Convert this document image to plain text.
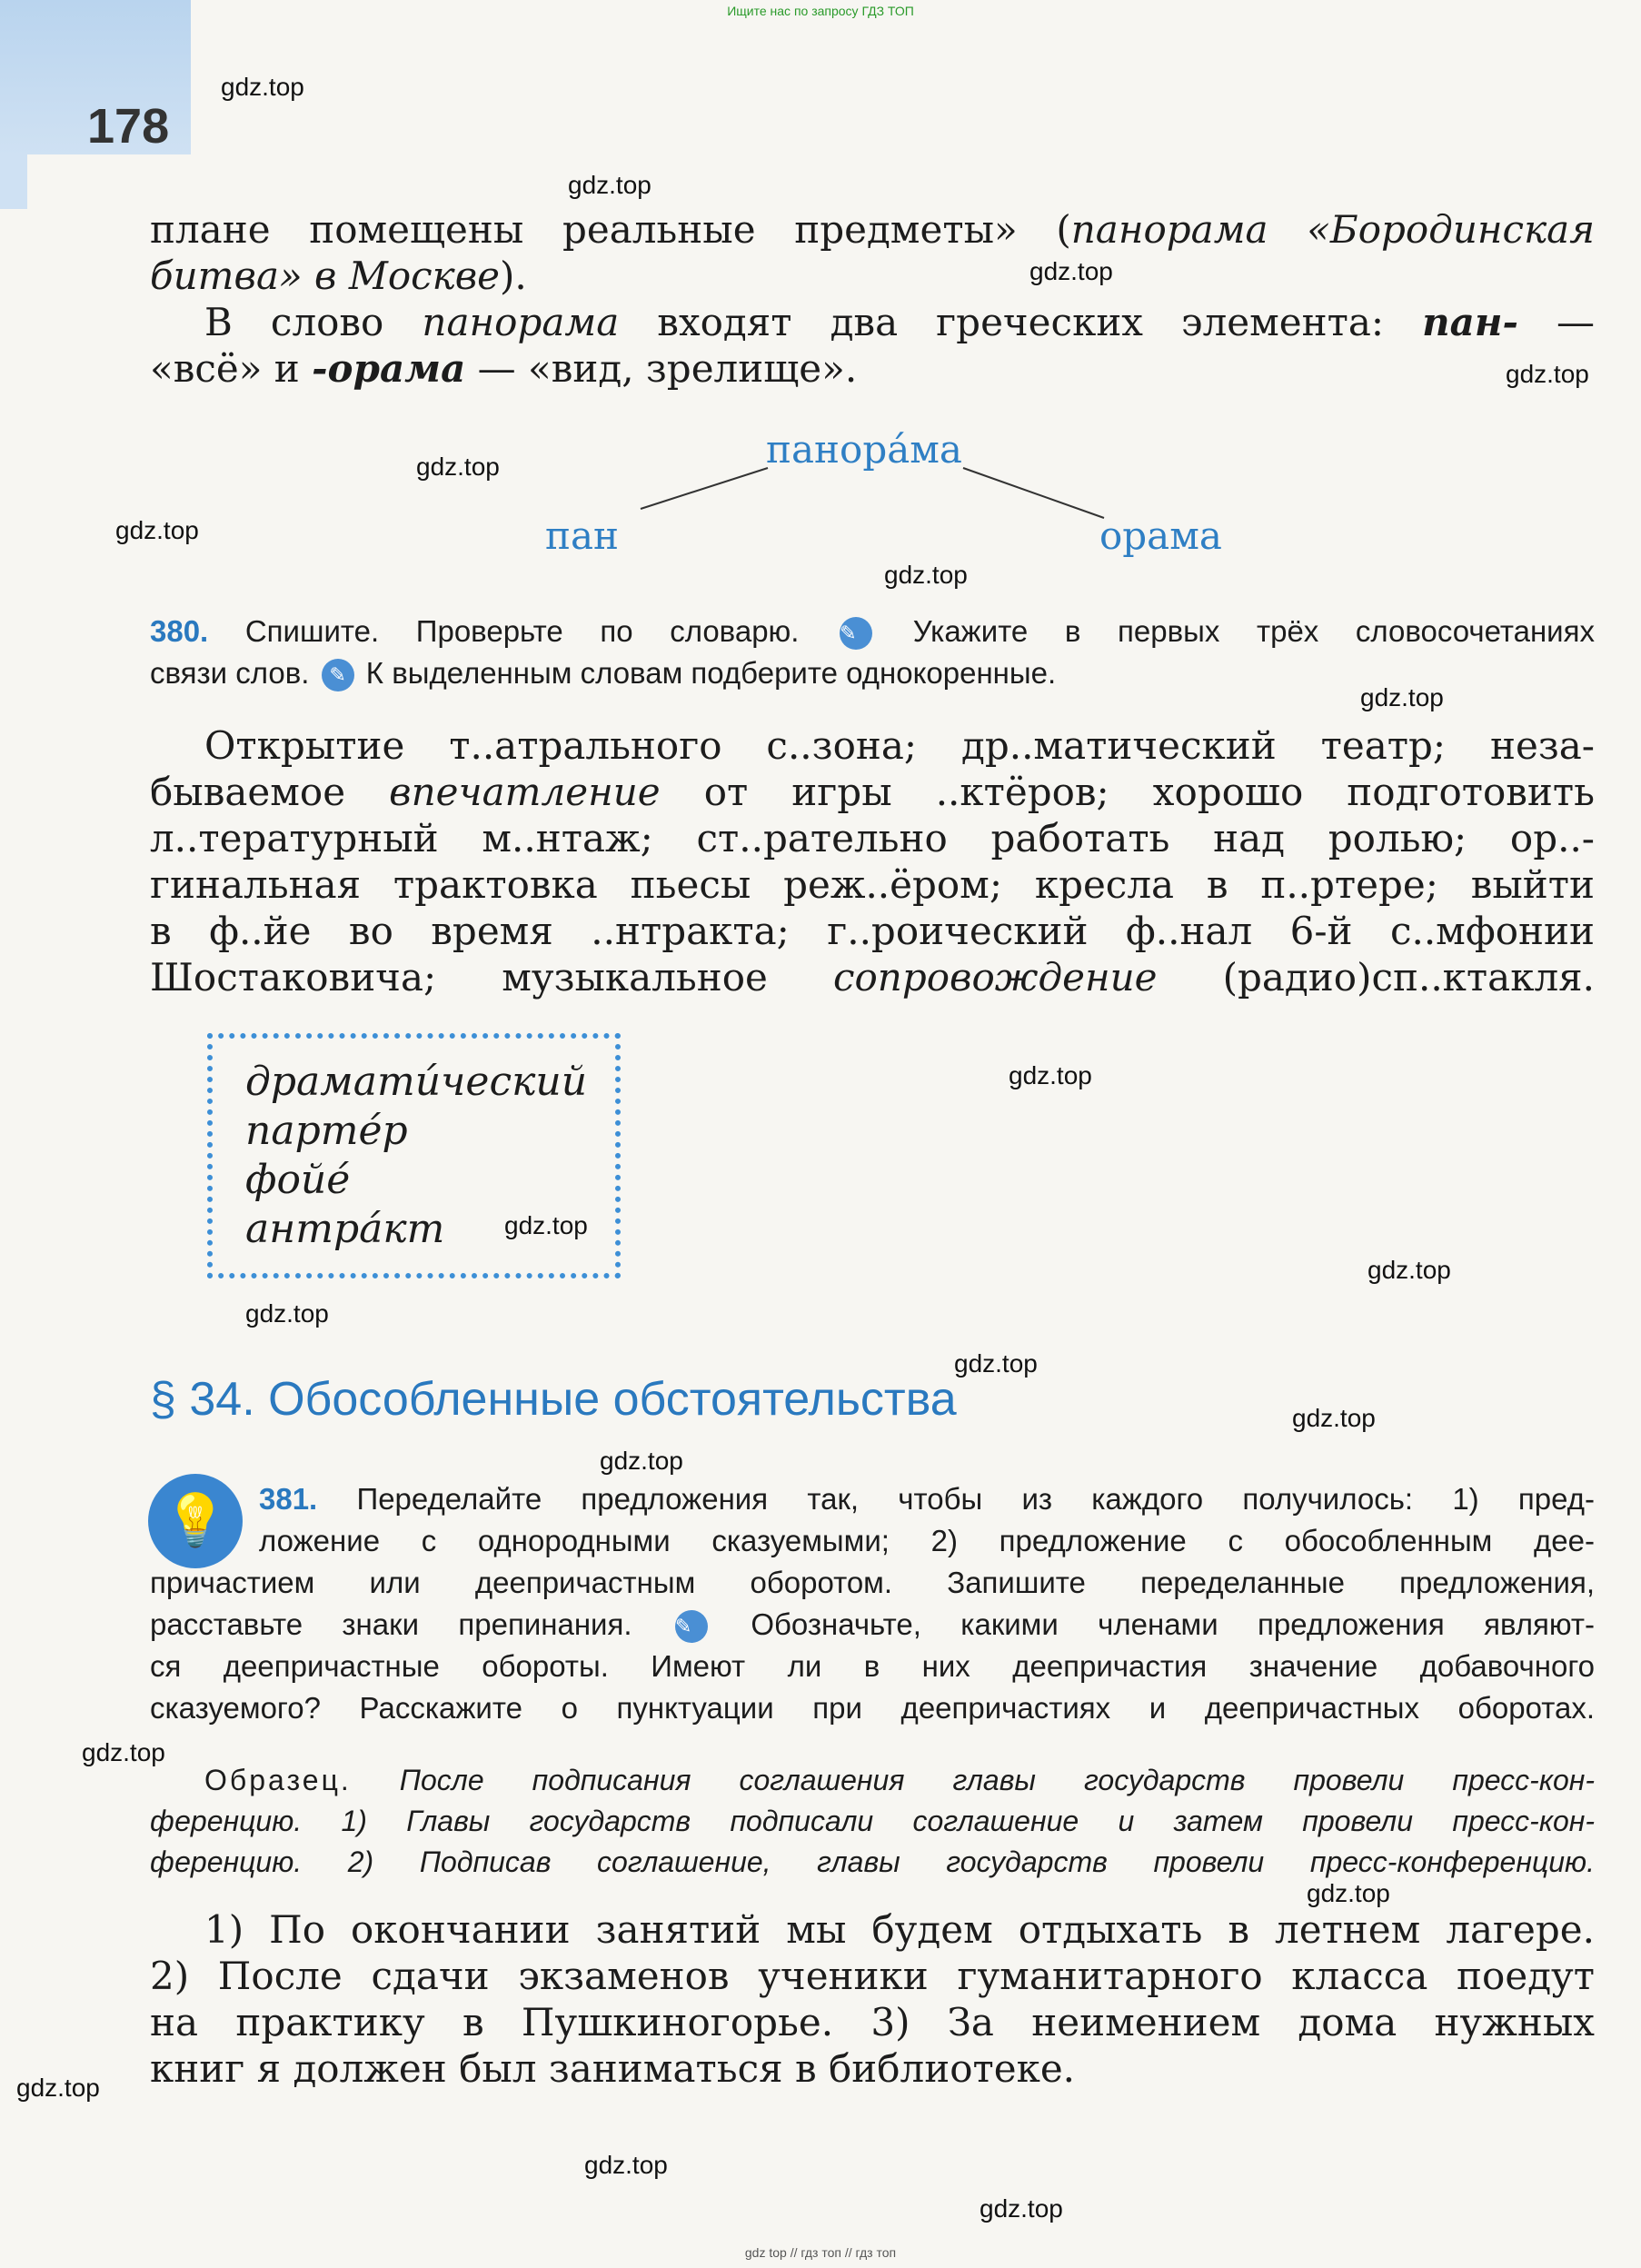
Ищите нас по запросу ГДЗ ТОП
178
gdz.top
gdz.top
gdz.top
gdz.top
gdz.top
gdz.top
gdz.top
gdz.top
gdz.top
gdz.top
gdz.top
gdz.top
gdz.top
gdz.top
gdz.top
gdz.top
gdz.top
gdz.top
gdz.top
gdz.top
плане помещены реальные предметы» (панорама «Бородинская
битва» в Москве).
В слово панорама входят два греческих элемента: пан- —
«всё» и -орама — «вид, зрелище».
панора́ма
пан	орама
380. Спишите. Проверьте по словарю. ✎ Укажите в первых трёх словосочетаниях
связи слов. ✎ К выделенным словам подберите однокоренные.
Открытие т..атрального с..зона; др..матический театр; неза-
бываемое впечатление от игры ..ктёров; хорошо подготовить
л..тературный м..нтаж; ст..рательно работать над ролью; ор..-
гинальная трактовка пьесы реж..ёром; кресла в п..ртере; выйти
в ф..йе во время ..нтракта; г..роический ф..нал 6-й с..мфонии
Шостаковича; музыкальное сопровождение (радио)сп..ктакля.
драмати́ческий
парте́р
фойе́
антра́кт
§ 34. Обособленные обстоятельства
💡	381. Переделайте предложения так, чтобы из каждого получилось: 1) пред-
ложение с однородными сказуемыми; 2) предложение с обособленным дее-
причастием или деепричастным оборотом. Запишите переделанные предложения,
расставьте знаки препинания. ✎ Обозначьте, какими членами предложения являют-
ся деепричастные обороты. Имеют ли в них деепричастия значение добавочного
сказуемого? Расскажите о пунктуации при деепричастиях и деепричастных оборотах.
Образец. После подписания соглашения главы государств провели пресс-кон-
ференцию. 1) Главы государств подписали соглашение и затем провели пресс-кон-
ференцию. 2) Подписав соглашение, главы государств провели пресс-конференцию.
1) По окончании занятий мы будем отдыхать в летнем лагере.
2) После сдачи экзаменов ученики гуманитарного класса поедут
на практику в Пушкиногорье. 3) За неимением дома нужных
книг я должен был заниматься в библиотеке.
gdz top // гдз топ // гдз топ
